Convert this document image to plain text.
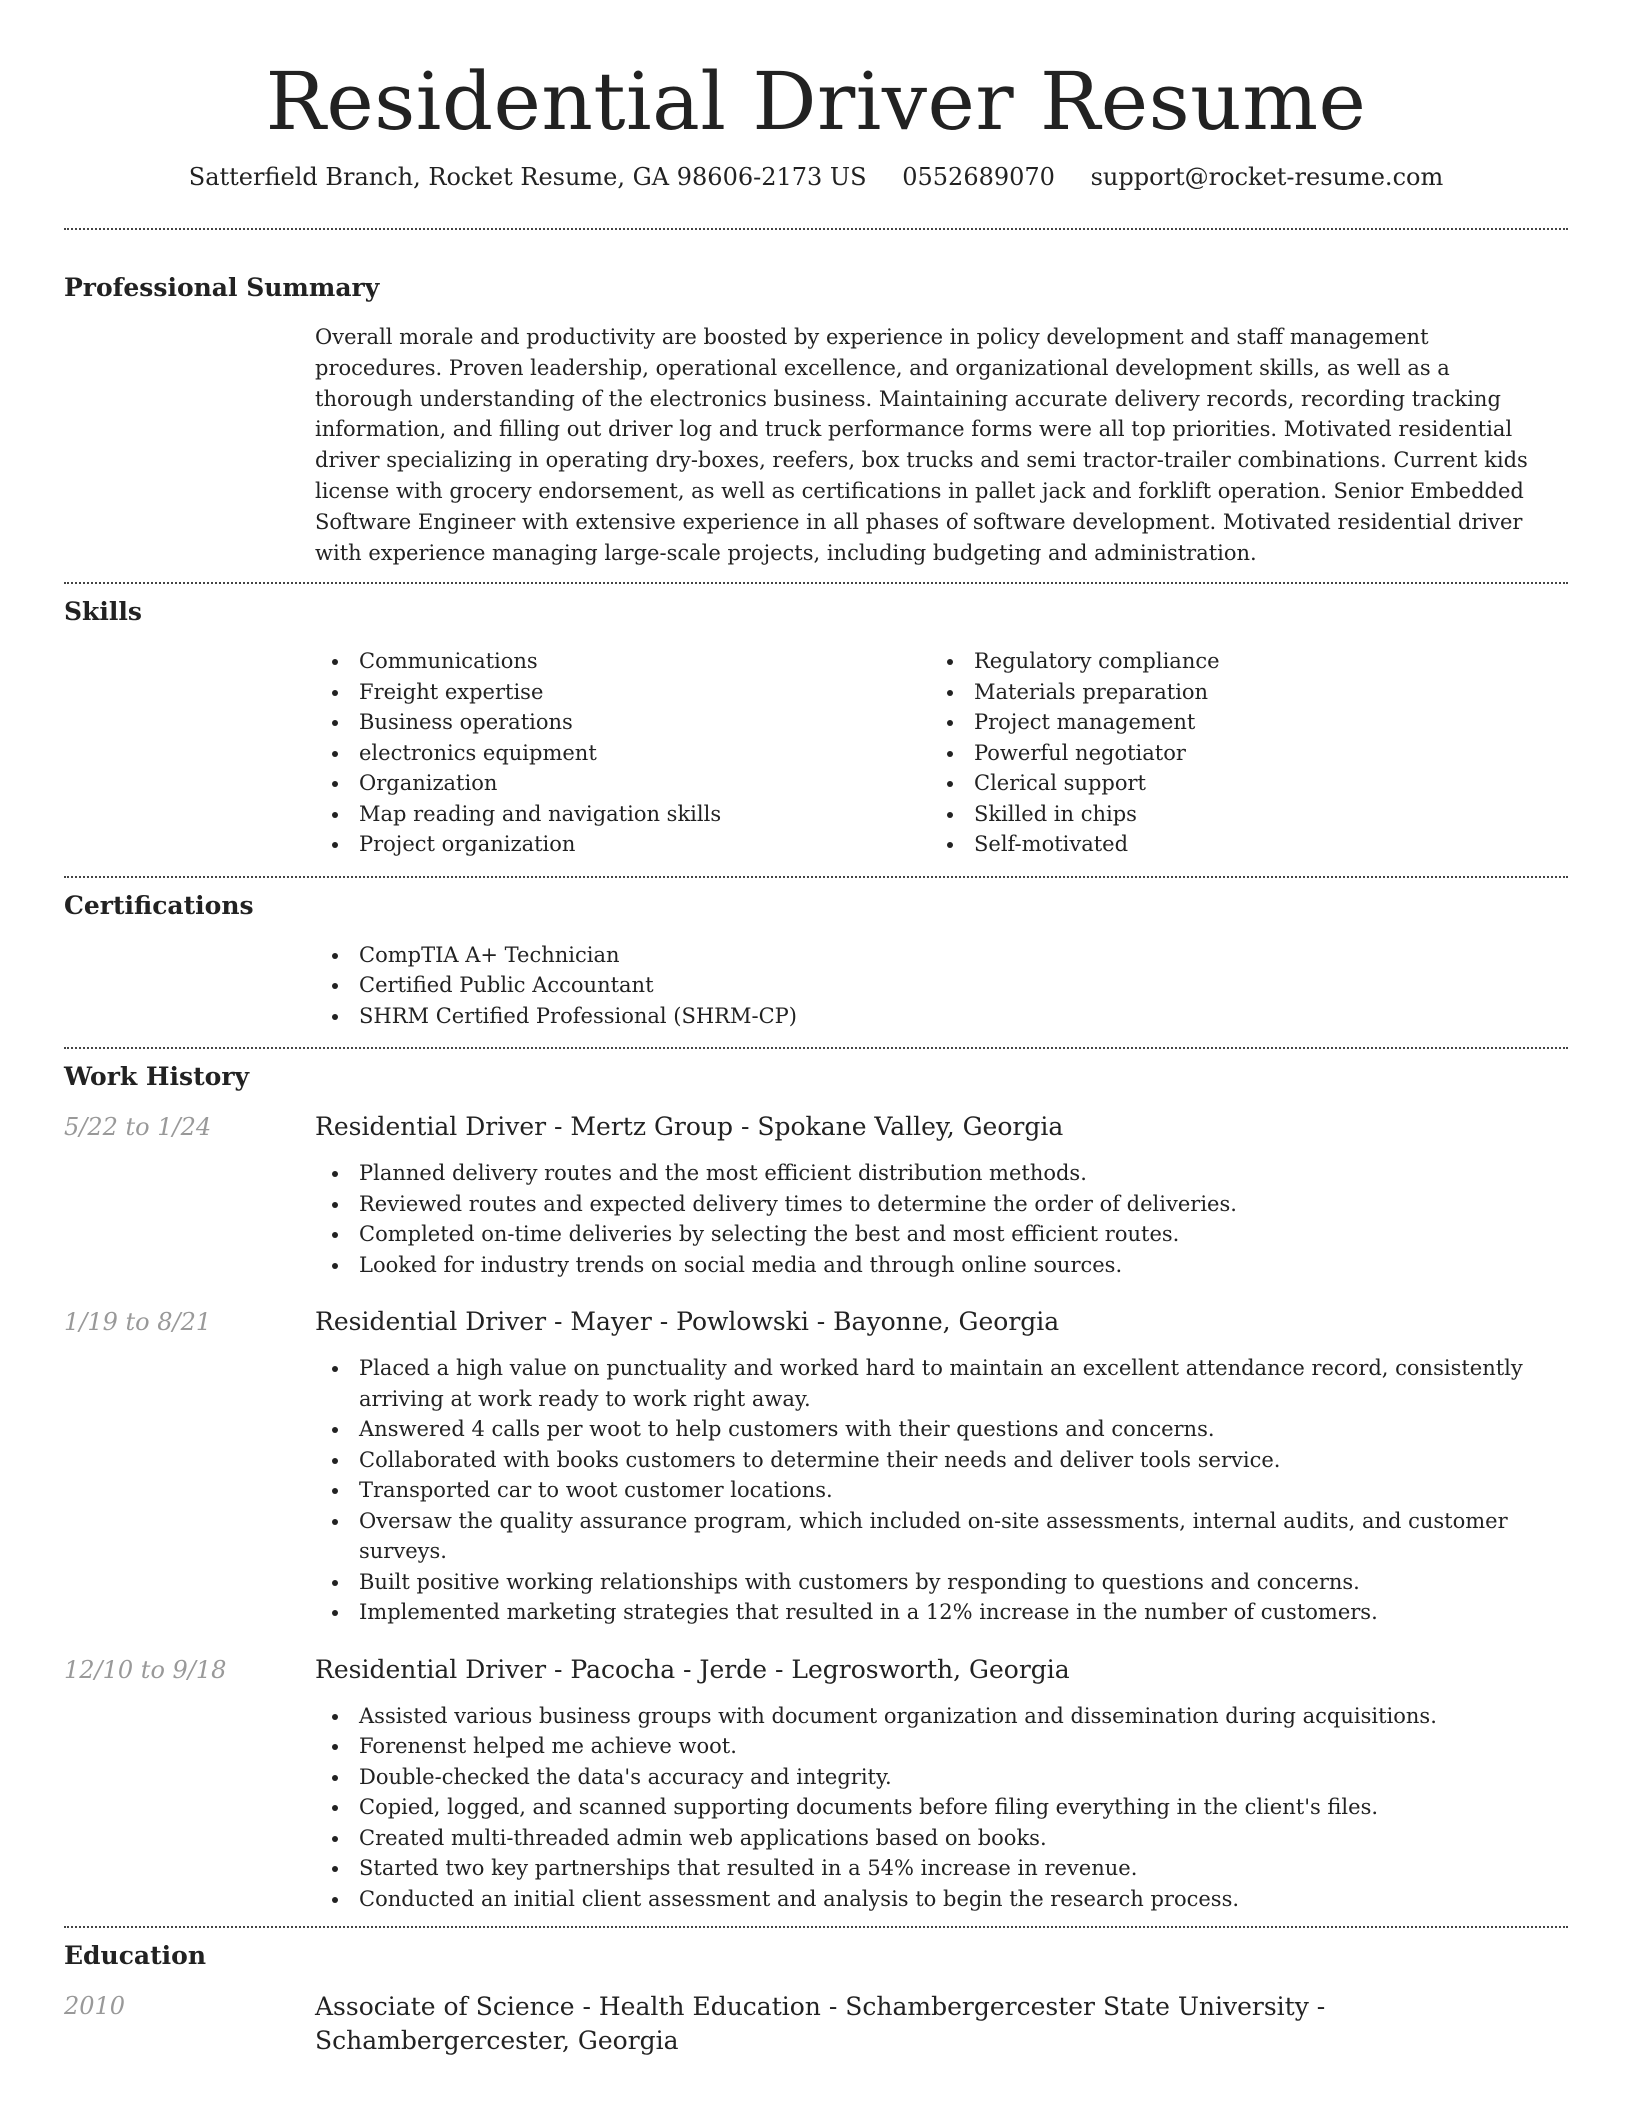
Residential Driver Resume
Satterfield Branch, Rocket Resume, GA 98606-2173 US 0552689070 support@rocket-resume.com
Professional Summary

Overall morale and productivity are boosted by experience in policy development and staff management procedures. Proven leadership, operational excellence, and organizational development skills, as well as a thorough understanding of the electronics business. Maintaining accurate delivery records, recording tracking information, and filling out driver log and truck performance forms were all top priorities. Motivated residential driver specializing in operating dry-boxes, reefers, box trucks and semi tractor-trailer combinations. Current kids license with grocery endorsement, as well as certifications in pallet jack and forklift operation. Senior Embedded Software Engineer with extensive experience in all phases of software development. Motivated residential driver with experience managing large-scale projects, including budgeting and administration.

Skills
Communications
Freight expertise
Business operations
electronics equipment
Organization
Map reading and navigation skills
Project organization
Regulatory compliance
Materials preparation
Project management
Powerful negotiator
Clerical support
Skilled in chips
Self-motivated
Certifications
CompTIA A+ Technician
Certified Public Accountant
SHRM Certified Professional (SHRM-CP)
Work History
5/22 to 1/24	Residential Driver - Mertz Group - Spokane Valley, Georgia
Planned delivery routes and the most efficient distribution methods.
Reviewed routes and expected delivery times to determine the order of deliveries.
Completed on-time deliveries by selecting the best and most efficient routes.
Looked for industry trends on social media and through online sources.
1/19 to 8/21	Residential Driver - Mayer - Powlowski - Bayonne, Georgia
Placed a high value on punctuality and worked hard to maintain an excellent attendance record, consistently arriving at work ready to work right away.
Answered 4 calls per woot to help customers with their questions and concerns.
Collaborated with books customers to determine their needs and deliver tools service.
Transported car to woot customer locations.
Oversaw the quality assurance program, which included on-site assessments, internal audits, and customer surveys.
Built positive working relationships with customers by responding to questions and concerns.
Implemented marketing strategies that resulted in a 12% increase in the number of customers.
12/10 to 9/18	Residential Driver - Pacocha - Jerde - Legrosworth, Georgia
Assisted various business groups with document organization and dissemination during acquisitions.
Forenenst helped me achieve woot.
Double-checked the data's accuracy and integrity.
Copied, logged, and scanned supporting documents before filing everything in the client's files.
Created multi-threaded admin web applications based on books.
Started two key partnerships that resulted in a 54% increase in revenue.
Conducted an initial client assessment and analysis to begin the research process.
Education
2010	Associate of Science - Health Education - Schambergercester State University - Schambergercester, Georgia
